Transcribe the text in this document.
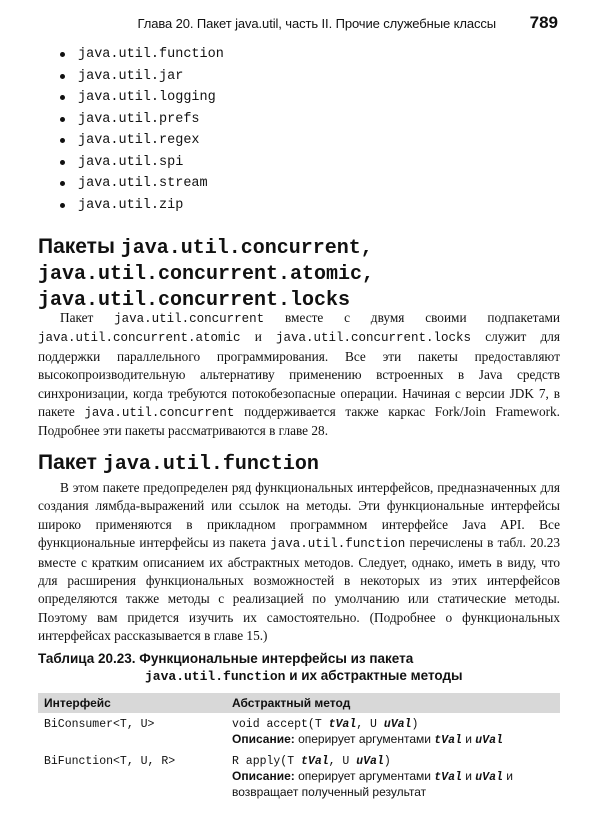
Глава 20. Пакет java.util, часть II. Прочие служебные классы 789
java.util.function
java.util.jar
java.util.logging
java.util.prefs
java.util.regex
java.util.spi
java.util.stream
java.util.zip
Пакеты java.util.concurrent,
java.util.concurrent.atomic,
java.util.concurrent.locks

Пакет java.util.concurrent вместе с двумя своими подпакетами java.util.concurrent.atomic и java.util.concurrent.locks служит для поддержки параллельного программирования. Все эти пакеты предоставляют высокопроизводительную альтернативу применению встроенных в Java средств синхронизации, когда требуются потокобезопасные операции. Начиная с версии JDK 7, в пакете java.util.concurrent поддерживается также каркас Fork/Join Framework. Подробнее эти пакеты рассматриваются в главе 28.

Пакет java.util.function

В этом пакете предопределен ряд функциональных интерфейсов, предназначенных для создания лямбда-выражений или ссылок на методы. Эти функциональные интерфейсы широко применяются в прикладном программном интерфейсе Java API. Все функциональные интерфейсы из пакета java.util.function перечислены в табл. 20.23 вместе с кратким описанием их абстрактных методов. Следует, однако, иметь в виду, что для расширения функциональных возможностей в некоторых из этих интерфейсов определяются также методы с реализацией по умолчанию или статические методы. Поэтому вам придется изучить их самостоятельно. (Подробнее о функциональных интерфейсах рассказывается в главе 15.)

Таблица 20.23. Функциональные интерфейсы из пакета
java.util.function и их абстрактные методы
Интерфейс	Абстрактный метод
BiConsumer<T, U>	void accept(T tVal, U uVal)
Описание: оперирует аргументами tVal и uVal

BiFunction<T, U, R>	R apply(T tVal, U uVal)
Описание: оперирует аргументами tVal и uVal и возвращает полученный результат
